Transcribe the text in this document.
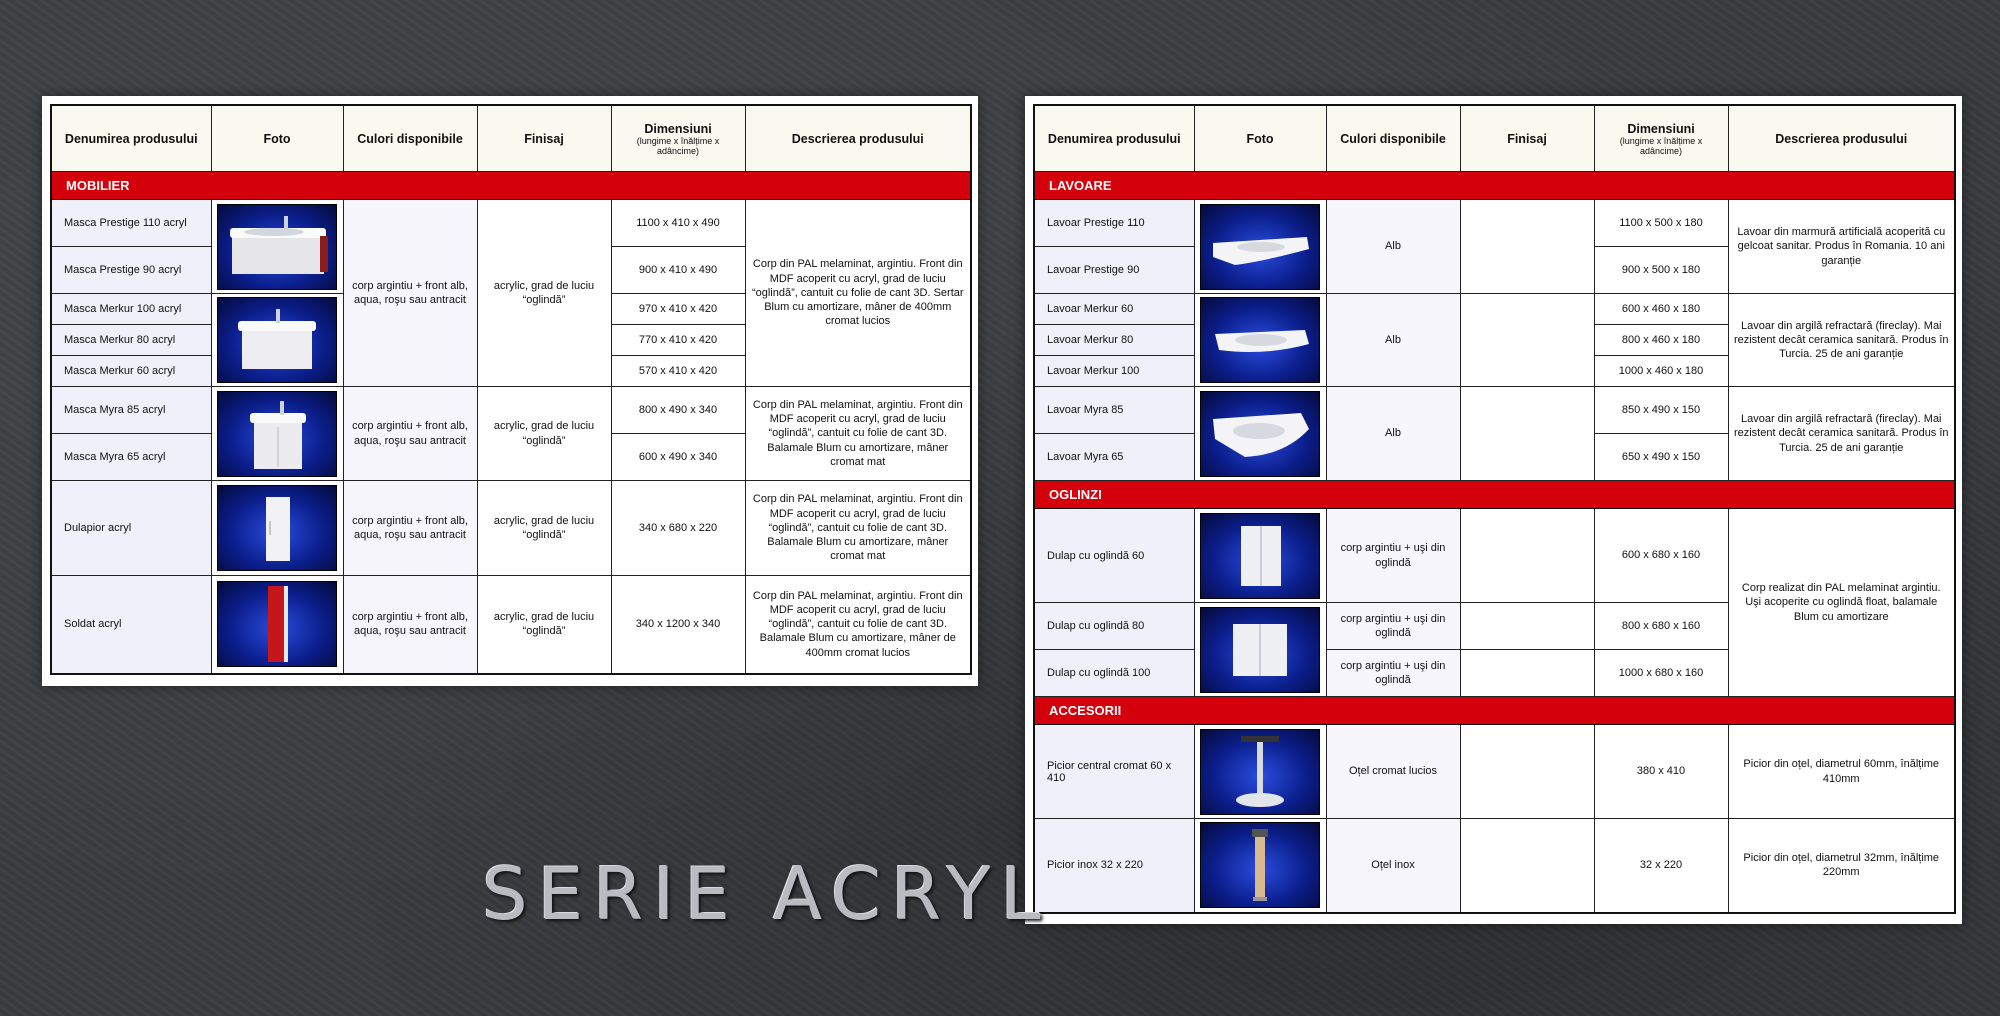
Denumirea produsului	Foto	Culori disponibile	Finisaj	Dimensiuni
(lungime x înălțime x adâncime)	Descrierea produsului
MOBILIER					
Masca Prestige 110 acryl		corp argintiu + front alb, aqua, roşu sau antracit	acrylic, grad de luciu “oglindă”	1100 x 410 x 490	Corp din PAL melaminat, argintiu. Front din MDF acoperit cu acryl, grad de luciu “oglindă”, cantuit cu folie de cant 3D. Sertar Blum cu amortizare, mâner de 400mm cromat lucios
Masca Prestige 90 acryl				900 x 410 x 490	
Masca Merkur 100 acryl				970 x 410 x 420	
Masca Merkur 80 acryl				770 x 410 x 420	
Masca Merkur 60 acryl				570 x 410 x 420	
Masca Myra 85 acryl		corp argintiu + front alb, aqua, roşu sau antracit	acrylic, grad de luciu “oglindă”	800 x 490 x 340	Corp din PAL melaminat, argintiu. Front din MDF acoperit cu acryl, grad de luciu “oglindă”, cantuit cu folie de cant 3D. Balamale Blum cu amortizare, mâner cromat mat
Masca Myra 65 acryl				600 x 490 x 340	
Dulapior acryl		corp argintiu + front alb, aqua, roşu sau antracit	acrylic, grad de luciu “oglindă”	340 x 680 x 220	Corp din PAL melaminat, argintiu. Front din MDF acoperit cu acryl, grad de luciu “oglindă”, cantuit cu folie de cant 3D. Balamale Blum cu amortizare, mâner cromat mat
Soldat acryl		corp argintiu + front alb, aqua, roşu sau antracit	acrylic, grad de luciu “oglindă”	340 x 1200 x 340	Corp din PAL melaminat, argintiu. Front din MDF acoperit cu acryl, grad de luciu “oglindă”, cantuit cu folie de cant 3D. Balamale Blum cu amortizare, mâner de 400mm cromat lucios
Denumirea produsului	Foto	Culori disponibile	Finisaj	Dimensiuni
(lungime x înălțime x adâncime)	Descrierea produsului
LAVOARE					
Lavoar Prestige 110		Alb		1100 x 500 x 180	Lavoar din marmură artificială acoperită cu gelcoat sanitar. Produs în Romania. 10 ani garanție
Lavoar Prestige 90				900 x 500 x 180	
Lavoar Merkur 60		Alb		600 x 460 x 180	Lavoar din argilă refractară (fireclay). Mai rezistent decât ceramica sanitară. Produs în Turcia. 25 de ani garanție
Lavoar Merkur 80				800 x 460 x 180	
Lavoar Merkur 100				1000 x 460 x 180	
Lavoar Myra 85		Alb		850 x 490 x 150	Lavoar din argilă refractară (fireclay). Mai rezistent decât ceramica sanitară. Produs în Turcia. 25 de ani garanție
Lavoar Myra 65				650 x 490 x 150	
OGLINZI					
Dulap cu oglindă 60		corp argintiu + uşi din oglindă		600 x 680 x 160	Corp realizat din PAL melaminat argintiu. Uşi acoperite cu oglindă float, balamale Blum cu amortizare
Dulap cu oglindă 80		corp argintiu + uşi din oglindă		800 x 680 x 160	
Dulap cu oglindă 100		corp argintiu + uşi din oglindă		1000 x 680 x 160	
ACCESORII					
Picior central cromat 60 x 410		Oțel cromat lucios		380 x 410	Picior din oțel, diametrul 60mm, înălțime 410mm
Picior inox 32 x 220		Oțel inox		32 x 220	Picior din oțel, diametrul 32mm, înălțime 220mm
SERIE ACRYL
